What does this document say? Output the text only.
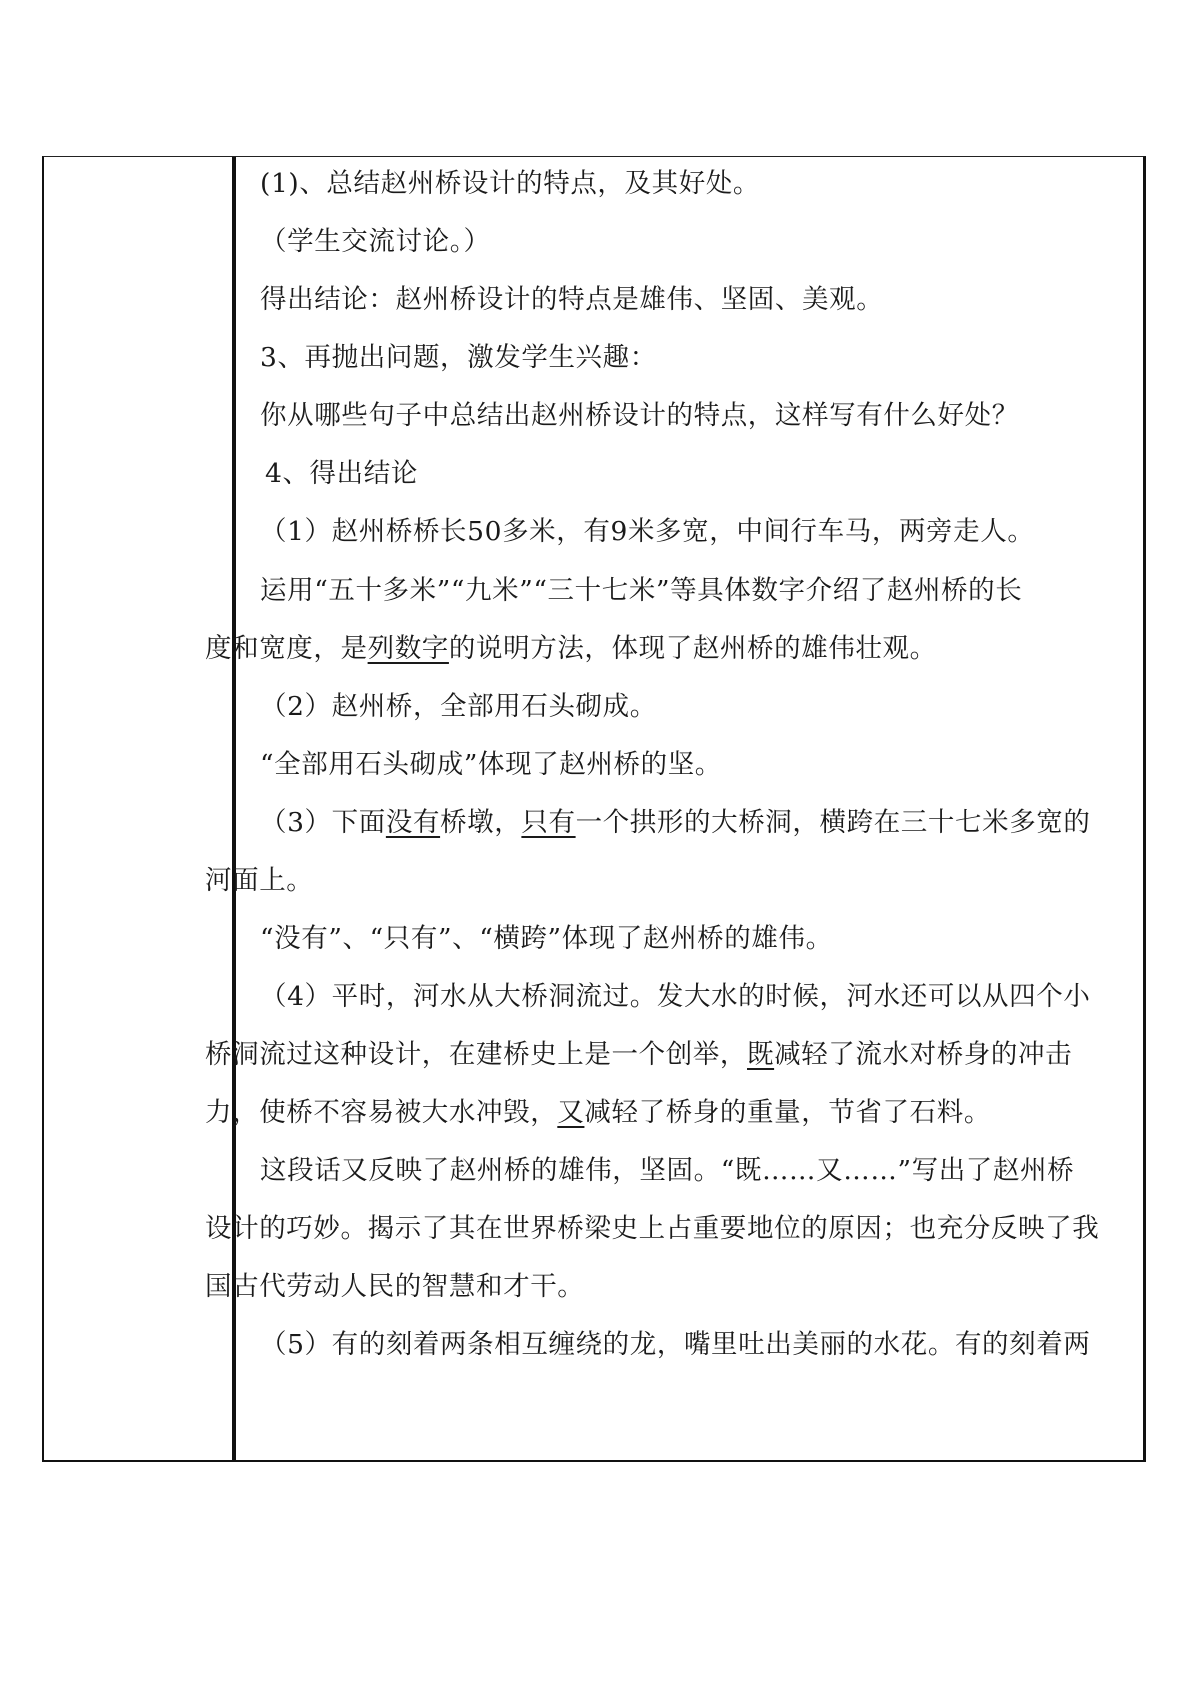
(1)、总结赵州桥设计的特点，及其好处。
（学生交流讨论。）
得出结论：赵州桥设计的特点是雄伟、坚固、美观。
3、再抛出问题，激发学生兴趣：
你从哪些句子中总结出赵州桥设计的特点，这样写有什么好处？
4、得出结论
（1）赵州桥桥长50多米，有9米多宽，中间行车马，两旁走人。
运用“五十多米”“九米”“三十七米”等具体数字介绍了赵州桥的长
度和宽度，是列数字的说明方法，体现了赵州桥的雄伟壮观。
（2）赵州桥，全部用石头砌成。
“全部用石头砌成”体现了赵州桥的坚。
（3）下面没有桥墩，只有一个拱形的大桥洞，横跨在三十七米多宽的
河面上。
“没有”、“只有”、“横跨”体现了赵州桥的雄伟。
（4）平时，河水从大桥洞流过。发大水的时候，河水还可以从四个小
桥洞流过这种设计，在建桥史上是一个创举，既减轻了流水对桥身的冲击
力，使桥不容易被大水冲毁，又减轻了桥身的重量，节省了石料。
这段话又反映了赵州桥的雄伟，坚固。“既……又……”写出了赵州桥
设计的巧妙。揭示了其在世界桥梁史上占重要地位的原因；也充分反映了我
国古代劳动人民的智慧和才干。
（5）有的刻着两条相互缠绕的龙，嘴里吐出美丽的水花。有的刻着两
